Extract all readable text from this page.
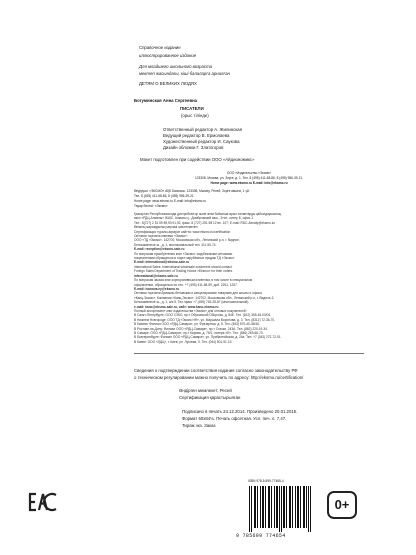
Справочное издание
иллюстрированное издание
Для младшего школьного возраста
мектеп жасындағы, кіші балаларға арналған
ДЕТЯМ О ВЕЛИКИХ ЛЮДЯХ
Богуминская Анна Сергеевна
ПИСАТЕЛИ
(орыс тілінде)
Ответственный редактор А. Жилинская
Ведущий редактор В. Ермолаева
Художественный редактор И. Саукова
Дизайн обложки Г. Златогоров
Макет подготовлен при содействии ООО «Айдиономикс»
ООО «Издательство «Эксмо»
123308, Москва, ул. Зорге, д. 1. Тел. 8 (495) 411-68-86, 8 (495) 956-39-21.
Home page: www.eksmo.ru E-mail: info@eksmo.ru
Өндіруші: «ЭКСМО» АҚБ Баспасы, 123308, Мәскеу, Ресей, Зорге көшесі, 1 үй.
Тел. 8 (495) 411-68-86, 8 (495) 956-39-21
Home page: www.eksmo.ru E-mail: info@eksmo.ru
Тауар белгісі: «Эксмо»
Қазақстан Республикасында дистрибьютор және өнім бойынша арыз-талаптарды қабылдаушының
өкілі «РДЦ-Алматы» ЖШС, Алматы қ., Домбровский көш., 3«а», литер Б, офис 1.
Тел.: 8(727) 2 51 59 89,90,91,92, факс: 8 (727) 251 58 12 вн. 107; E-mail: RDC-Almaty@eksmo.kz
Өнімнің жарамдылық мерзімі шектелмеген.
Сертификация туралы ақпарат сайтта: www.eksmo.ru/certification
Оптовая торговля книгами «Эксмо»:
ООО «ТД «Эксмо». 142700, Московская обл., Ленинский р-н, г. Видное,
Белокаменное ш., д. 1, многоканальный тел. 411-50-74.
E-mail: reception@eksmo-sale.ru
По вопросам приобретения книг «Эксмо» зарубежными оптовыми
покупателями обращаться в отдел зарубежных продаж ТД «Эксмо»
E-mail: international@eksmo-sale.ru
International Sales: International wholesale customers should contact
Foreign Sales Department of Trading House «Eksmo» for their orders.
international@eksmo-sale.ru
По вопросам заказа книг корпоративным клиентам, в том числе в специальном
оформлении, обращаться по тел. +7 (495) 411-68-59, доб. 2261, 1257.
E-mail: ivanova.ey@eksmo.ru
Оптовая торговля бумажно-беловыми и канцелярскими товарами для школы и офиса
«Канц-Эксмо»: Компания «Канц-Эксмо»: 142702, Московская обл., Ленинский р-н, г. Видное-2,
Белокаменное ш., д. 1, а/я 5. Тел./факс +7 (495) 745-28-87 (многоканальный).
e-mail: kanc@eksmo-sale.ru, сайт: www.kanc-eksmo.ru
Полный ассортимент книг издательства «Эксмо» для оптовых покупателей:
В Санкт-Петербурге: ООО СЗКО, пр-т Обуховской Обороны, д. 84Е. Тел. (812) 365-46-03/04.
В Нижнем Новгороде: ООО ТД «Эксмо НН», ул. Маршала Воронова, д. 3. Тел. (8312) 72-36-70.
В Казани: Филиал ООО «РДЦ-Самара», ул. Фрезерная, д. 5. Тел. (843) 570-40-45/46.
В Ростове-на-Дону: Филиал ООО «РДЦ-Самара», пр-т Стачки, 243А. Тел. (863) 220-19-34.
В Самаре: ООО «РДЦ-Самара», пр-т Кирова, д. 75/1, литера «Е». Тел. (846) 269-66-70.
В Екатеринбурге: Филиал ООО «РДЦ-Самара», ул. Прибалтийская, д. 24а. Тел. +7 (343) 272-72-01.
В Киеве: ООО «ЛДЦ», г. Киев, ул. Луговая, 9. Тел. (044) 501-91-19.
Сведения о подтверждении соответствия издания согласно законодательству РФ
о техническом регулировании можно получить по адресу: http://eksmo.ru/certification/
Өндірген мемлекет: Ресей
Сертификация қарастырылған
Подписано в печать 24.12.2014. Произведено 20.01.2015.
Формат 60х84⅛. Печать офсетная. Усл. печ. л. 7,47.
Тираж экз. Заказ
ISBN 978-5-699-77465-4
9 785699 774654
0+
